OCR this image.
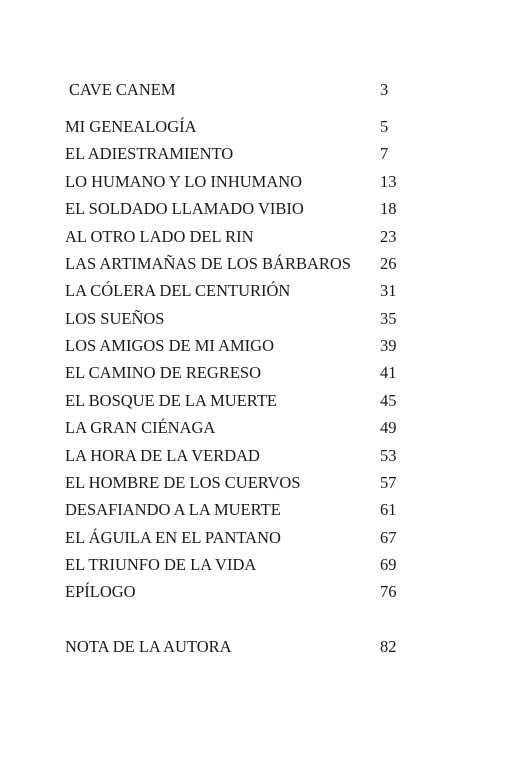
CAVE CANEM	3
MI GENEALOGÍA	5
EL ADIESTRAMIENTO	7
LO HUMANO Y LO INHUMANO	13
EL SOLDADO LLAMADO VIBIO	18
AL OTRO LADO DEL RIN	23
LAS ARTIMAÑAS DE LOS BÁRBAROS 26
LA CÓLERA DEL CENTURIÓN	31
LOS SUEÑOS	35
LOS AMIGOS DE MI AMIGO	39
EL CAMINO DE REGRESO	41
EL BOSQUE DE LA MUERTE	45
LA GRAN CIÉNAGA	49
LA HORA DE LA VERDAD	53
EL HOMBRE DE LOS CUERVOS	57
DESAFIANDO A LA MUERTE	61
EL ÁGUILA EN EL PANTANO	67
EL TRIUNFO DE LA VIDA	69
EPÍLOGO	76
NOTA DE LA AUTORA	82
